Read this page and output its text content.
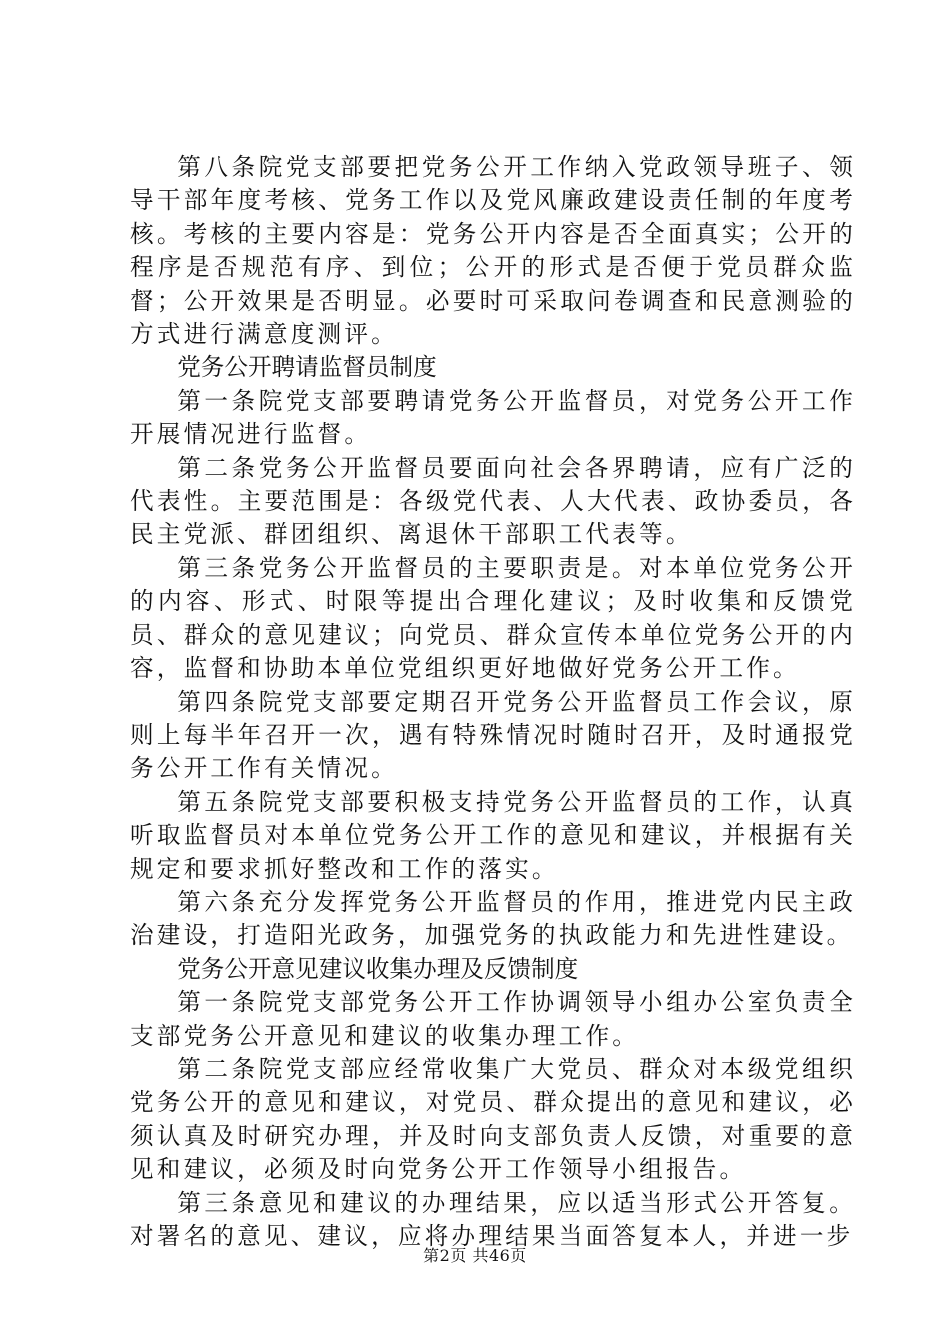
第八条院党支部要把党务公开工作纳入党政领导班子、领导干部年度考核、党务工作以及党风廉政建设责任制的年度考核。考核的主要内容是：党务公开内容是否全面真实；公开的程序是否规范有序、到位；公开的形式是否便于党员群众监督；公开效果是否明显。必要时可采取问卷调查和民意测验的方式进行满意度测评。

党务公开聘请监督员制度

第一条院党支部要聘请党务公开监督员，对党务公开工作开展情况进行监督。

第二条党务公开监督员要面向社会各界聘请，应有广泛的代表性。主要范围是：各级党代表、人大代表、政协委员，各民主党派、群团组织、离退休干部职工代表等。

第三条党务公开监督员的主要职责是。对本单位党务公开的内容、形式、时限等提出合理化建议；及时收集和反馈党员、群众的意见建议；向党员、群众宣传本单位党务公开的内容，监督和协助本单位党组织更好地做好党务公开工作。

第四条院党支部要定期召开党务公开监督员工作会议，原则上每半年召开一次，遇有特殊情况时随时召开，及时通报党务公开工作有关情况。

第五条院党支部要积极支持党务公开监督员的工作，认真听取监督员对本单位党务公开工作的意见和建议，并根据有关规定和要求抓好整改和工作的落实。

第六条充分发挥党务公开监督员的作用，推进党内民主政治建设，打造阳光政务，加强党务的执政能力和先进性建设。

党务公开意见建议收集办理及反馈制度

第一条院党支部党务公开工作协调领导小组办公室负责全支部党务公开意见和建议的收集办理工作。

第二条院党支部应经常收集广大党员、群众对本级党组织党务公开的意见和建议，对党员、群众提出的意见和建议，必须认真及时研究办理，并及时向支部负责人反馈，对重要的意见和建议，必须及时向党务公开工作领导小组报告。

第三条意见和建议的办理结果，应以适当形式公开答复。对署名的意见、建议，应将办理结果当面答复本人，并进一步

第2页 共46页
